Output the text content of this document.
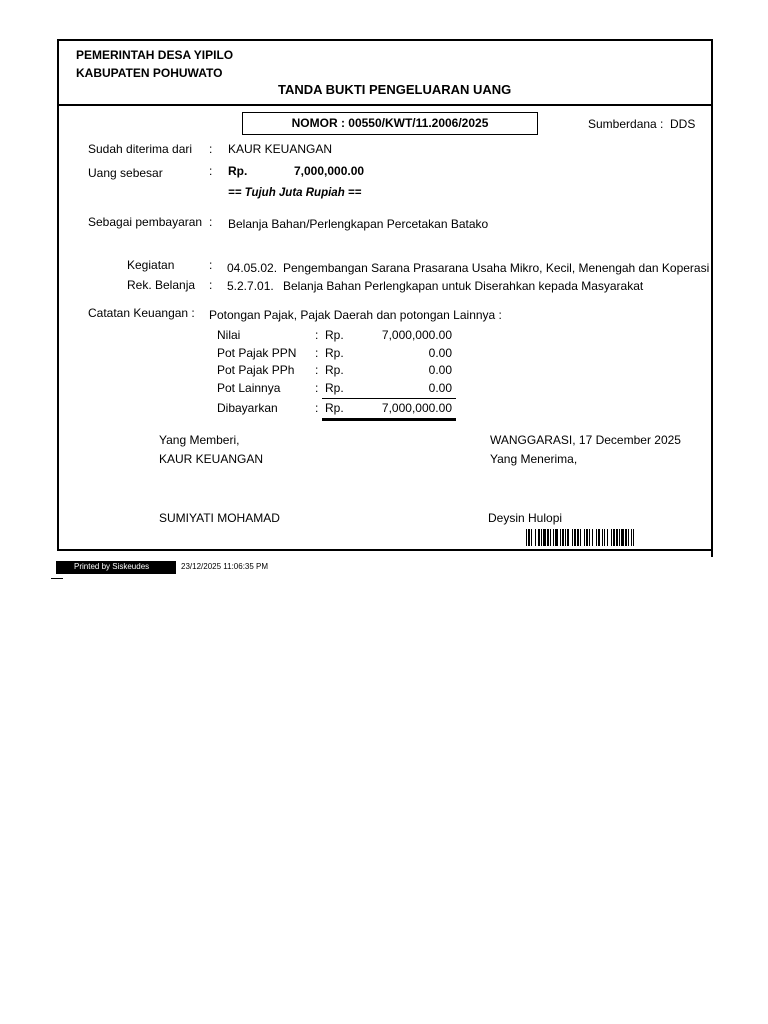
PEMERINTAH DESA YIPILO
KABUPATEN POHUWATO
TANDA BUKTI PENGELUARAN UANG
NOMOR : 00550/KWT/11.2006/2025	Sumberdana : DDS
Sudah diterima dari : KAUR KEUANGAN
Uang sebesar	: Rp.	7,000,000.00
== Tujuh Juta Rupiah ==
Sebagai pembayaran : Belanja Bahan/Perlengkapan Percetakan Batako
Kegiatan	: 04.05.02. Pengembangan Sarana Prasarana Usaha Mikro, Kecil, Menengah dan Koperasi
Rek. Belanja : 5.2.7.01. Belanja Bahan Perlengkapan untuk Diserahkan kepada Masyarakat
Catatan Keuangan : Potongan Pajak, Pajak Daerah dan potongan Lainnya :
Nilai	: Rp.	7,000,000.00
Pot Pajak PPN : Rp.	0.00
Pot Pajak PPh : Rp.	0.00
Pot Lainnya	: Rp.	0.00
Dibayarkan	: Rp.	7,000,000.00
Yang Memberi,
KAUR KEUANGAN
SUMIYATI MOHAMAD
WANGGARASI, 17 December 2025
Yang Menerima,
Deysin Hulopi
Printed by Siskeudes	23/12/2025 11:06:35 PM
